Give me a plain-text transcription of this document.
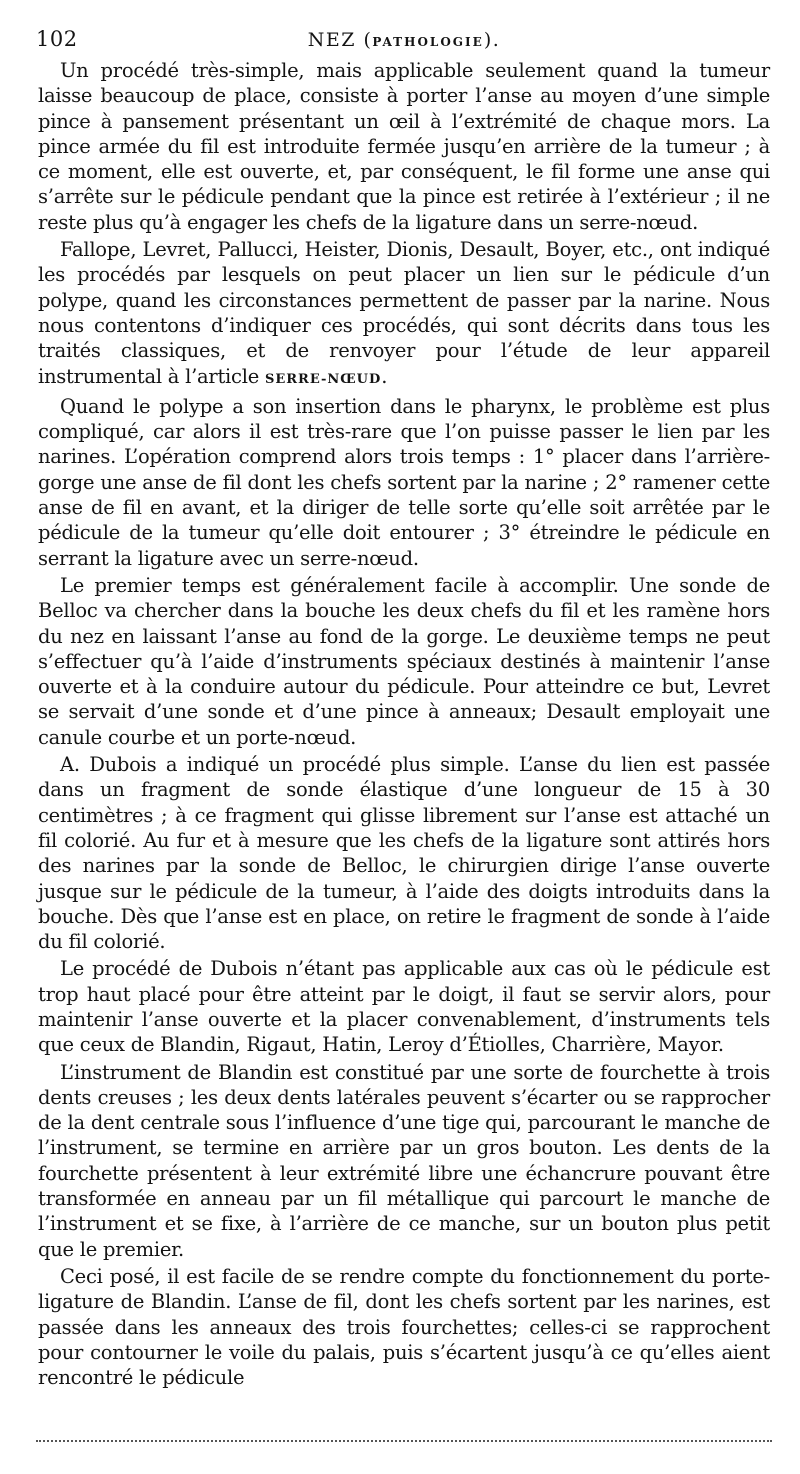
102	NEZ (PATHOLOGIE).

Un procédé très-simple, mais applicable seulement quand la tumeur laisse beaucoup de place, consiste à porter l’anse au moyen d’une simple pince à pansement présentant un œil à l’extrémité de chaque mors. La pince armée du fil est introduite fermée jusqu’en arrière de la tumeur ; à ce moment, elle est ouverte, et, par conséquent, le fil forme une anse qui s’arrête sur le pédicule pendant que la pince est retirée à l’extérieur ; il ne reste plus qu’à engager les chefs de la ligature dans un serre-nœud.

Fallope, Levret, Pallucci, Heister, Dionis, Desault, Boyer, etc., ont indiqué les procédés par lesquels on peut placer un lien sur le pédicule d’un polype, quand les circonstances permettent de passer par la narine. Nous nous contentons d’indiquer ces procédés, qui sont décrits dans tous les traités classiques, et de renvoyer pour l’étude de leur appareil instrumental à l’article SERRE-NŒUD.

Quand le polype a son insertion dans le pharynx, le problème est plus compliqué, car alors il est très-rare que l’on puisse passer le lien par les narines. L’opération comprend alors trois temps : 1° placer dans l’arrière-gorge une anse de fil dont les chefs sortent par la narine ; 2° ramener cette anse de fil en avant, et la diriger de telle sorte qu’elle soit arrêtée par le pédicule de la tumeur qu’elle doit entourer ; 3° étreindre le pédicule en serrant la ligature avec un serre-nœud.

Le premier temps est généralement facile à accomplir. Une sonde de Belloc va chercher dans la bouche les deux chefs du fil et les ramène hors du nez en laissant l’anse au fond de la gorge. Le deuxième temps ne peut s’effectuer qu’à l’aide d’instruments spéciaux destinés à maintenir l’anse ouverte et à la conduire autour du pédicule. Pour atteindre ce but, Levret se servait d’une sonde et d’une pince à anneaux; Desault employait une canule courbe et un porte-nœud.

A. Dubois a indiqué un procédé plus simple. L’anse du lien est passée dans un fragment de sonde élastique d’une longueur de 15 à 30 centimètres ; à ce fragment qui glisse librement sur l’anse est attaché un fil colorié. Au fur et à mesure que les chefs de la ligature sont attirés hors des narines par la sonde de Belloc, le chirurgien dirige l’anse ouverte jusque sur le pédicule de la tumeur, à l’aide des doigts introduits dans la bouche. Dès que l’anse est en place, on retire le fragment de sonde à l’aide du fil colorié.

Le procédé de Dubois n’étant pas applicable aux cas où le pédicule est trop haut placé pour être atteint par le doigt, il faut se servir alors, pour maintenir l’anse ouverte et la placer convenablement, d’instruments tels que ceux de Blandin, Rigaut, Hatin, Leroy d’Étiolles, Charrière, Mayor.

L’instrument de Blandin est constitué par une sorte de fourchette à trois dents creuses ; les deux dents latérales peuvent s’écarter ou se rapprocher de la dent centrale sous l’influence d’une tige qui, parcourant le manche de l’instrument, se termine en arrière par un gros bouton. Les dents de la fourchette présentent à leur extrémité libre une échancrure pouvant être transformée en anneau par un fil métallique qui parcourt le manche de l’instrument et se fixe, à l’arrière de ce manche, sur un bouton plus petit que le premier.

Ceci posé, il est facile de se rendre compte du fonctionnement du porte-ligature de Blandin. L’anse de fil, dont les chefs sortent par les narines, est passée dans les anneaux des trois fourchettes; celles-ci se rapprochent pour contourner le voile du palais, puis s’écartent jusqu’à ce qu’elles aient rencontré le pédicule
